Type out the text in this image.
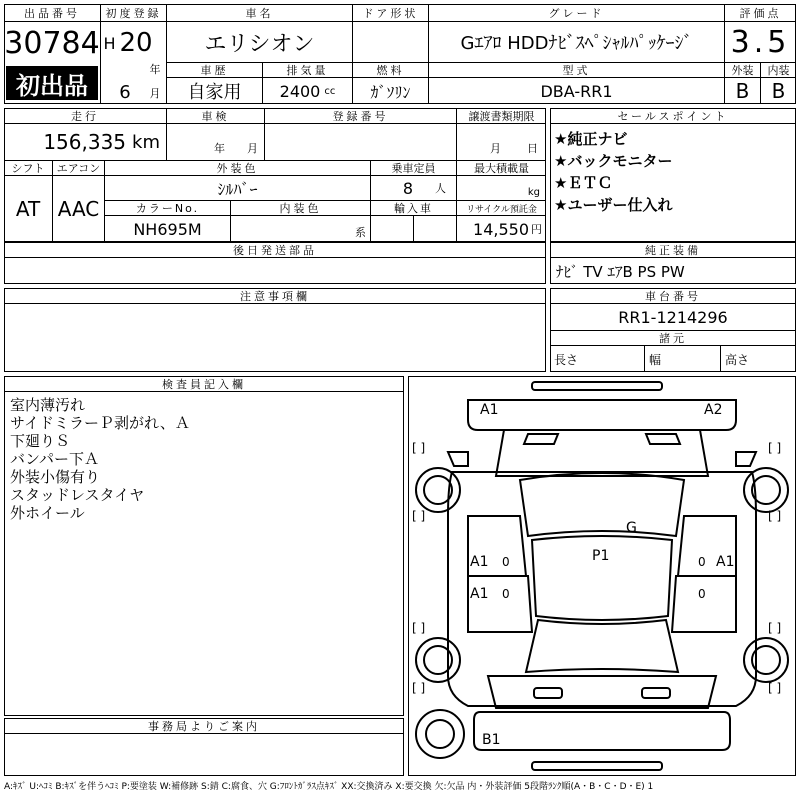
出品番号
30784
初出品
初度登録
H 20
年
6	月
車名
エリシオン
ドア形状	グレード
Gｴｱﾛ HDDﾅﾋﾞｽﾍﾟｼｬﾙﾊﾟｯｹｰｼﾞ
評価点
3.5
車歴
自家用
排気量
2400 cc
燃料
ｶﾞｿﾘﾝ
型式
DBA-RR1
外装	内装
B	B
走行
156,335 km
車検
年 月
登録番号	譲渡書類期限
月 日
シフト
AT
エアコン
AAC
外装色
ｼﾙﾊﾞｰ
乗車定員
8 人
最大積載量
kg
カラーNo.
NH695M
内装色
系
輸入車	リサイクル預託金
14,550 円
後日発送部品
セールスポイント
★純正ナビ
★バックモニター
★ＥＴＣ
★ユーザー仕入れ
純正装備
ﾅﾋﾞ TV ｴｱB PS PW
注意事項欄	車台番号
RR1-1214296
諸元
長さ	幅	高さ
検査員記入欄
室内薄汚れ
サイドミラーＰ剥がれ、Ａ
下廻りＳ
バンパー下Ａ
外装小傷有り
スタッドレスタイヤ
外ホイール
事務局よりご案内
A1	A2
G
P1
A1	A1
A1
B1
0
0
0
0
[ ]	[ ]
[ ]	[ ]
[ ]	[ ]
[ ]	[ ]
A:ｷｽﾞ U:ﾍｺﾐ B:ｷｽﾞを伴うﾍｺﾐ P:要塗装 W:補修跡 S:錆 C:腐食、穴 G:ﾌﾛﾝﾄｶﾞﾗｽ点ｷｽﾞ XX:交換済み X:要交換 欠:欠品 内・外装評価 5段階ﾗﾝｸ順(A・B・C・D・E) 1
